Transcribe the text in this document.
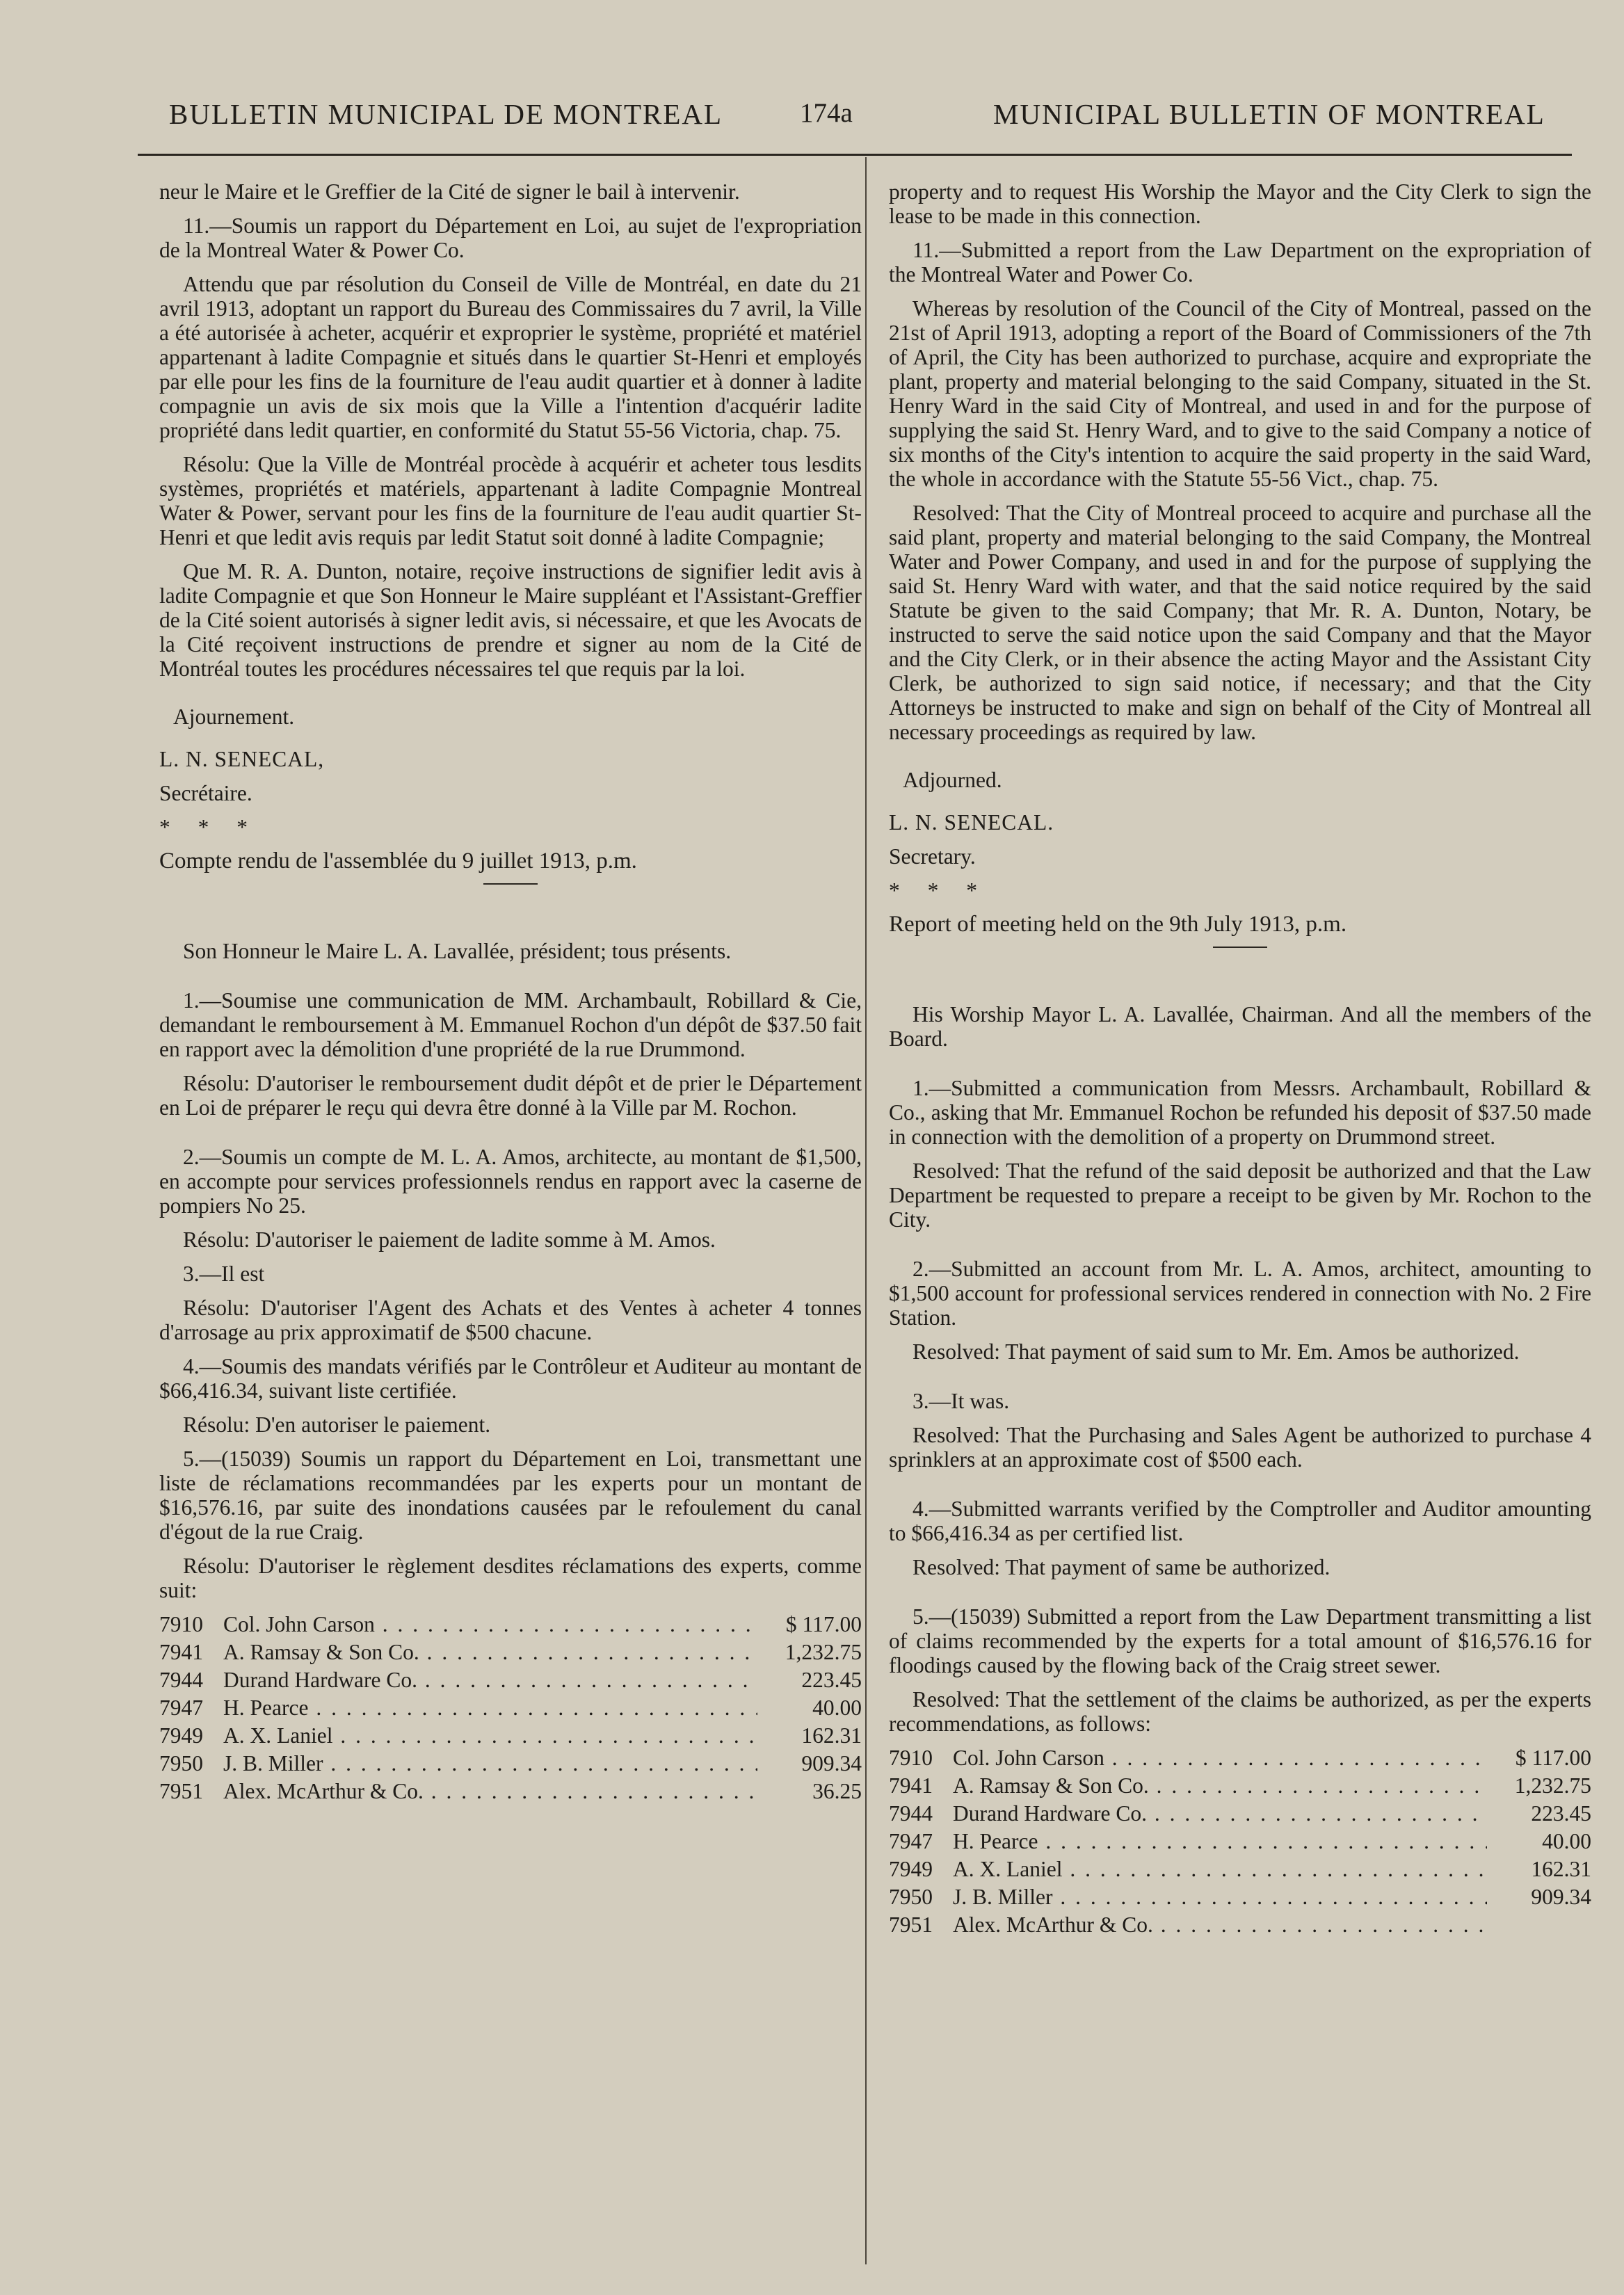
BULLETIN MUNICIPAL DE MONTREAL	174a	MUNICIPAL BULLETIN OF MONTREAL

neur le Maire et le Greffier de la Cité de signer le bail à intervenir.

11.—Soumis un rapport du Département en Loi, au sujet de l'expropriation de la Montreal Water & Power Co.

Attendu que par résolution du Conseil de Ville de Montréal, en date du 21 avril 1913, adoptant un rapport du Bureau des Commissaires du 7 avril, la Ville a été autorisée à acheter, acquérir et exproprier le système, propriété et matériel appartenant à ladite Compagnie et situés dans le quartier St-Henri et employés par elle pour les fins de la fourniture de l'eau audit quartier et à donner à ladite compagnie un avis de six mois que la Ville a l'intention d'acquérir ladite propriété dans ledit quartier, en conformité du Statut 55-56 Victoria, chap. 75.

Résolu: Que la Ville de Montréal procède à acquérir et acheter tous lesdits systèmes, propriétés et matériels, appartenant à ladite Compagnie Montreal Water & Power, servant pour les fins de la fourniture de l'eau audit quartier St-Henri et que ledit avis requis par ledit Statut soit donné à ladite Compagnie;

Que M. R. A. Dunton, notaire, reçoive instructions de signifier ledit avis à ladite Compagnie et que Son Honneur le Maire suppléant et l'Assistant-Greffier de la Cité soient autorisés à signer ledit avis, si nécessaire, et que les Avocats de la Cité reçoivent instructions de prendre et signer au nom de la Cité de Montréal toutes les procédures nécessaires tel que requis par la loi.

Ajournement.

L. N. SENECAL,

Secrétaire.

* * *

Compte rendu de l'assemblée du 9 juillet 1913, p.m.

Son Honneur le Maire L. A. Lavallée, président; tous présents.

1.—Soumise une communication de MM. Archambault, Robillard & Cie, demandant le remboursement à M. Emmanuel Rochon d'un dépôt de $37.50 fait en rapport avec la démolition d'une propriété de la rue Drummond.

Résolu: D'autoriser le remboursement dudit dépôt et de prier le Département en Loi de préparer le reçu qui devra être donné à la Ville par M. Rochon.

2.—Soumis un compte de M. L. A. Amos, architecte, au montant de $1,500, en accompte pour services professionnels rendus en rapport avec la caserne de pompiers No 25.

Résolu: D'autoriser le paiement de ladite somme à M. Amos.

3.—Il est

Résolu: D'autoriser l'Agent des Achats et des Ventes à acheter 4 tonnes d'arrosage au prix approximatif de $500 chacune.

4.—Soumis des mandats vérifiés par le Contrôleur et Auditeur au montant de $66,416.34, suivant liste certifiée.

Résolu: D'en autoriser le paiement.

5.—(15039) Soumis un rapport du Département en Loi, transmettant une liste de réclamations recommandées par les experts pour un montant de $16,576.16, par suite des inondations causées par le refoulement du canal d'égout de la rue Craig.

Résolu: D'autoriser le règlement desdites réclamations des experts, comme suit:

7910 Col. John Carson . . .	$ 117.00
7941 A. Ramsay & Son Co. . . .	1,232.75
7944 Durand Hardware Co. . . .	223.45
7947 H. Pearce . . .	40.00
7949 A. X. Laniel . . .	162.31
7950 J. B. Miller . . .	909.34
7951 Alex. McArthur & Co. . . .	36.25

property and to request His Worship the Mayor and the City Clerk to sign the lease to be made in this connection.

11.—Submitted a report from the Law Department on the expropriation of the Montreal Water and Power Co.

Whereas by resolution of the Council of the City of Montreal, passed on the 21st of April 1913, adopting a report of the Board of Commissioners of the 7th of April, the City has been authorized to purchase, acquire and expropriate the plant, property and material belonging to the said Company, situated in the St. Henry Ward in the said City of Montreal, and used in and for the purpose of supplying the said St. Henry Ward, and to give to the said Company a notice of six months of the City's intention to acquire the said property in the said Ward, the whole in accordance with the Statute 55-56 Vict., chap. 75.

Resolved: That the City of Montreal proceed to acquire and purchase all the said plant, property and material belonging to the said Company, the Montreal Water and Power Company, and used in and for the purpose of supplying the said St. Henry Ward with water, and that the said notice required by the said Statute be given to the said Company; that Mr. R. A. Dunton, Notary, be instructed to serve the said notice upon the said Company and that the Mayor and the City Clerk, or in their absence the acting Mayor and the Assistant City Clerk, be authorized to sign said notice, if necessary; and that the City Attorneys be instructed to make and sign on behalf of the City of Montreal all necessary proceedings as required by law.

Adjourned.

L. N. SENECAL.

Secretary.

* * *

Report of meeting held on the 9th July 1913, p.m.

His Worship Mayor L. A. Lavallée, Chairman. And all the members of the Board.

1.—Submitted a communication from Messrs. Archambault, Robillard & Co., asking that Mr. Emmanuel Rochon be refunded his deposit of $37.50 made in connection with the demolition of a property on Drummond street.

Resolved: That the refund of the said deposit be authorized and that the Law Department be requested to prepare a receipt to be given by Mr. Rochon to the City.

2.—Submitted an account from Mr. L. A. Amos, architect, amounting to $1,500 account for professional services rendered in connection with No. 2 Fire Station.

Resolved: That payment of said sum to Mr. Em. Amos be authorized.

3.—It was.

Resolved: That the Purchasing and Sales Agent be authorized to purchase 4 sprinklers at an approximate cost of $500 each.

4.—Submitted warrants verified by the Comptroller and Auditor amounting to $66,416.34 as per certified list.

Resolved: That payment of same be authorized.

5.—(15039) Submitted a report from the Law Department transmitting a list of claims recommended by the experts for a total amount of $16,576.16 for floodings caused by the flowing back of the Craig street sewer.

Resolved: That the settlement of the claims be authorized, as per the experts recommendations, as follows:

7910 Col. John Carson . . .	$ 117.00
7941 A. Ramsay & Son Co. . . .	1,232.75
7944 Durand Hardware Co. . . .	223.45
7947 H. Pearce . . .	40.00
7949 A. X. Laniel . . .	162.31
7950 J. B. Miller . . .	909.34
7951 Alex. McArthur & Co. . . .
